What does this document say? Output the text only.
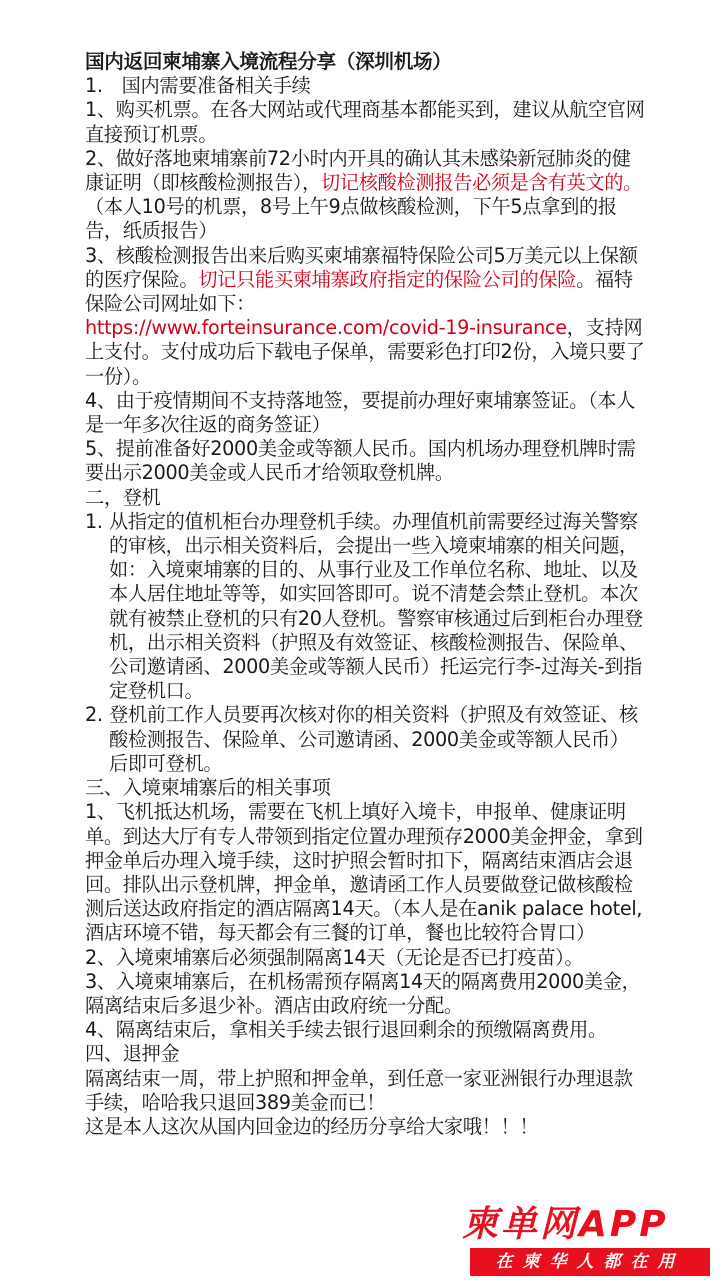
国内返回柬埔寨入境流程分享（深圳机场）

1.　国内需要准备相关手续

1、购买机票。在各大网站或代理商基本都能买到，建议从航空官网直接预订机票。

2、做好落地柬埔寨前72小时内开具的确认其未感染新冠肺炎的健康证明（即核酸检测报告），切记核酸检测报告必须是含有英文的。（本人10号的机票，8号上午9点做核酸检测，下午5点拿到的报告，纸质报告）

3、核酸检测报告出来后购买柬埔寨福特保险公司5万美元以上保额的医疗保险。切记只能买柬埔寨政府指定的保险公司的保险。福特保险公司网址如下：
https://www.forteinsurance.com/covid-19-insurance，支持网上支付。支付成功后下载电子保单，需要彩色打印2份，入境只要了一份）。

4、由于疫情期间不支持落地签，要提前办理好柬埔寨签证。（本人是一年多次往返的商务签证）

5、提前准备好2000美金或等额人民币。国内机场办理登机牌时需要出示2000美金或人民币才给领取登机牌。

二，登机

1. 从指定的值机柜台办理登机手续。办理值机前需要经过海关警察的审核，出示相关资料后，会提出一些入境柬埔寨的相关问题，如：入境柬埔寨的目的、从事行业及工作单位名称、地址、以及本人居住地址等等，如实回答即可。说不清楚会禁止登机。本次就有被禁止登机的只有20人登机。警察审核通过后到柜台办理登机，出示相关资料（护照及有效签证、核酸检测报告、保险单、公司邀请函、2000美金或等额人民币）托运完行李-过海关-到指定登机口。
2. 登机前工作人员要再次核对你的相关资料（护照及有效签证、核酸检测报告、保险单、公司邀请函、2000美金或等额人民币）后即可登机。

三、入境柬埔寨后的相关事项

1、飞机抵达机场，需要在飞机上填好入境卡，申报单、健康证明单。到达大厅有专人带领到指定位置办理预存2000美金押金，拿到押金单后办理入境手续，这时护照会暂时扣下，隔离结束酒店会退回。排队出示登机牌，押金单，邀请函工作人员要做登记做核酸检测后送达政府指定的酒店隔离14天。（本人是在anik palace hotel,酒店环境不错，每天都会有三餐的订单，餐也比较符合胃口）

2、入境柬埔寨后必须强制隔离14天（无论是否已打疫苗）。

3、入境柬埔寨后，在机杨需预存隔离14天的隔离费用2000美金，隔离结束后多退少补。酒店由政府统一分配。

4、隔离结束后，拿相关手续去银行退回剩余的预缴隔离费用。

四、退押金

隔离结束一周，带上护照和押金单，到任意一家亚洲银行办理退款手续，哈哈我只退回389美金而已！

这是本人这次从国内回金边的经历分享给大家哦！！！

柬单网APP
在柬华人都在用
